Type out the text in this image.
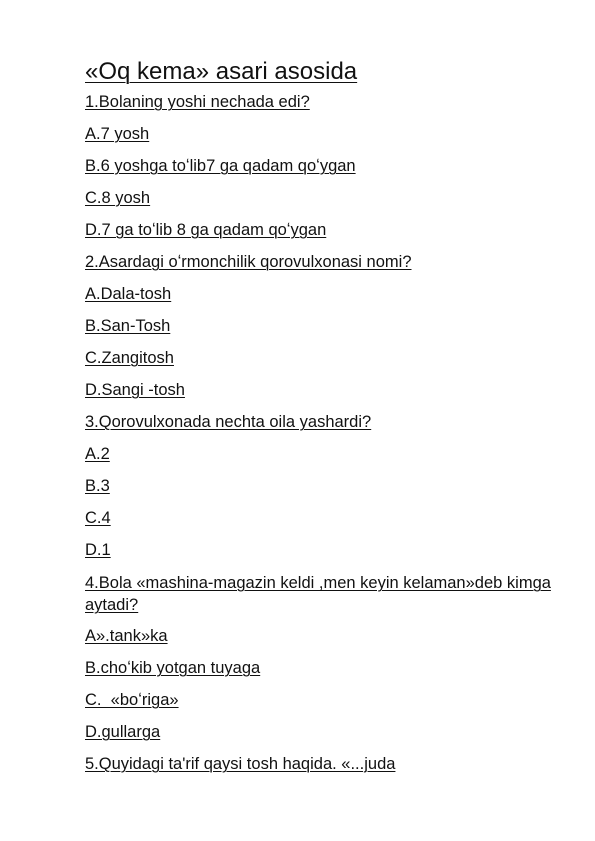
«Oq kema» asari asosida
1.Bolaning yoshi nechada edi?
A.7 yosh
B.6 yoshga toʻlib7 ga qadam qoʻygan
C.8 yosh
D.7 ga toʻlib 8 ga qadam qoʻygan
2.Asardagi oʻrmonchilik qorovulxonasi nomi?
A.Dala-tosh
B.San-Tosh
C.Zangitosh
D.Sangi -tosh
3.Qorovulxonada nechta oila yashardi?
A.2
B.3
C.4
D.1
4.Bola «mashina-magazin keldi ,men keyin kelaman»deb kimga aytadi?
A».tank»ka
B.choʻkib yotgan tuyaga
C.  «boʻriga»
D.gullarga
5.Quyidagi ta'rif qaysi tosh haqida. «...juda
